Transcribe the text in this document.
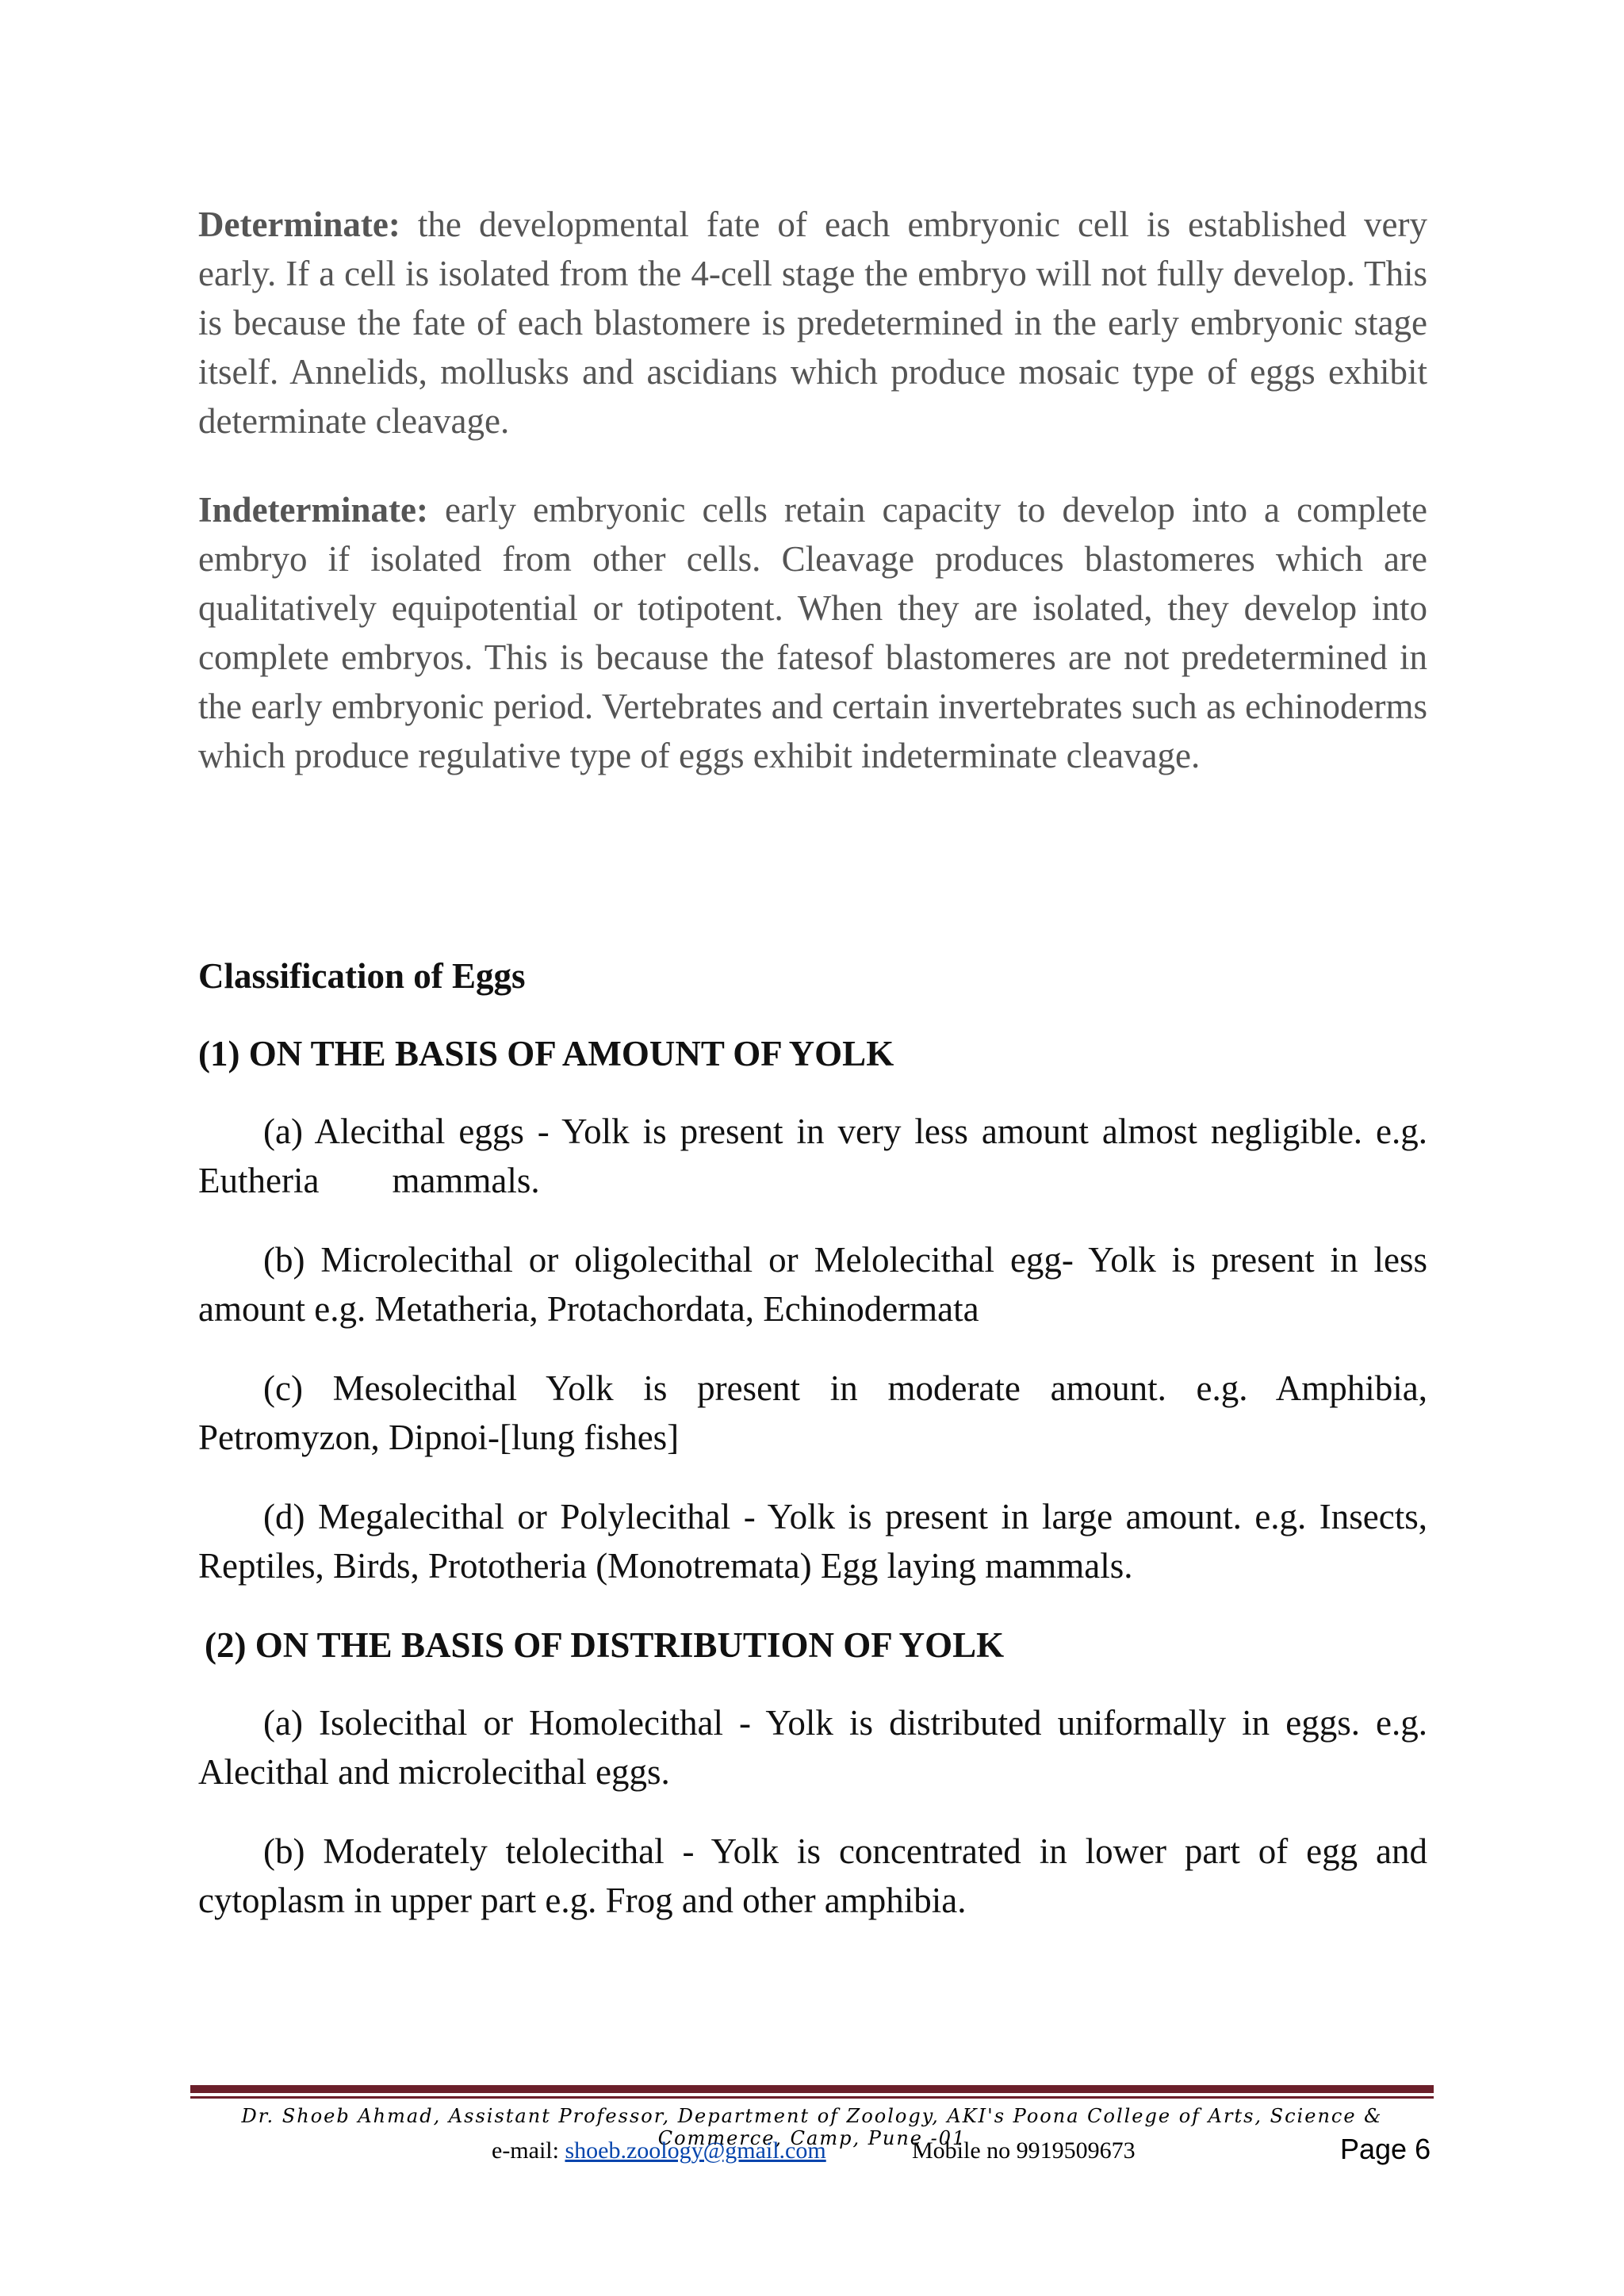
Determinate: the developmental fate of each embryonic cell is established very early. If a cell is isolated from the 4-cell stage the embryo will not fully develop. This is because the fate of each blastomere is predetermined in the early embryonic stage itself. Annelids, mollusks and ascidians which produce mosaic type of eggs exhibit determinate cleavage.

Indeterminate: early embryonic cells retain capacity to develop into a complete embryo if isolated from other cells. Cleavage produces blastomeres which are qualitatively equipotential or totipotent. When they are isolated, they develop into complete embryos. This is because the fatesof blastomeres are not predetermined in the early embryonic period. Vertebrates and certain invertebrates such as echinoderms which produce regulative type of eggs exhibit indeterminate cleavage.

Classification of Eggs

(1) ON THE BASIS OF AMOUNT OF YOLK

(a) Alecithal eggs - Yolk is present in very less amount almost negligible. e.g. Eutheria mammals.

(b) Microlecithal or oligolecithal or Melolecithal egg- Yolk is present in less amount e.g. Metatheria, Protachordata, Echinodermata

(c) Mesolecithal Yolk is present in moderate amount. e.g. Amphibia, Petromyzon, Dipnoi-[lung fishes]

(d) Megalecithal or Polylecithal - Yolk is present in large amount. e.g. Insects, Reptiles, Birds, Prototheria (Monotremata) Egg laying mammals.

(2) ON THE BASIS OF DISTRIBUTION OF YOLK

(a) Isolecithal or Homolecithal - Yolk is distributed uniformally in eggs. e.g. Alecithal and microlecithal eggs.

(b) Moderately telolecithal - Yolk is concentrated in lower part of egg and cytoplasm in upper part e.g. Frog and other amphibia.

Dr. Shoeb Ahmad, Assistant Professor, Department of Zoology, AKI's Poona College of Arts, Science & Commerce, Camp, Pune -01
e-mail: shoeb.zoology@gmail.com	Mobile no 9919509673	Page 6
